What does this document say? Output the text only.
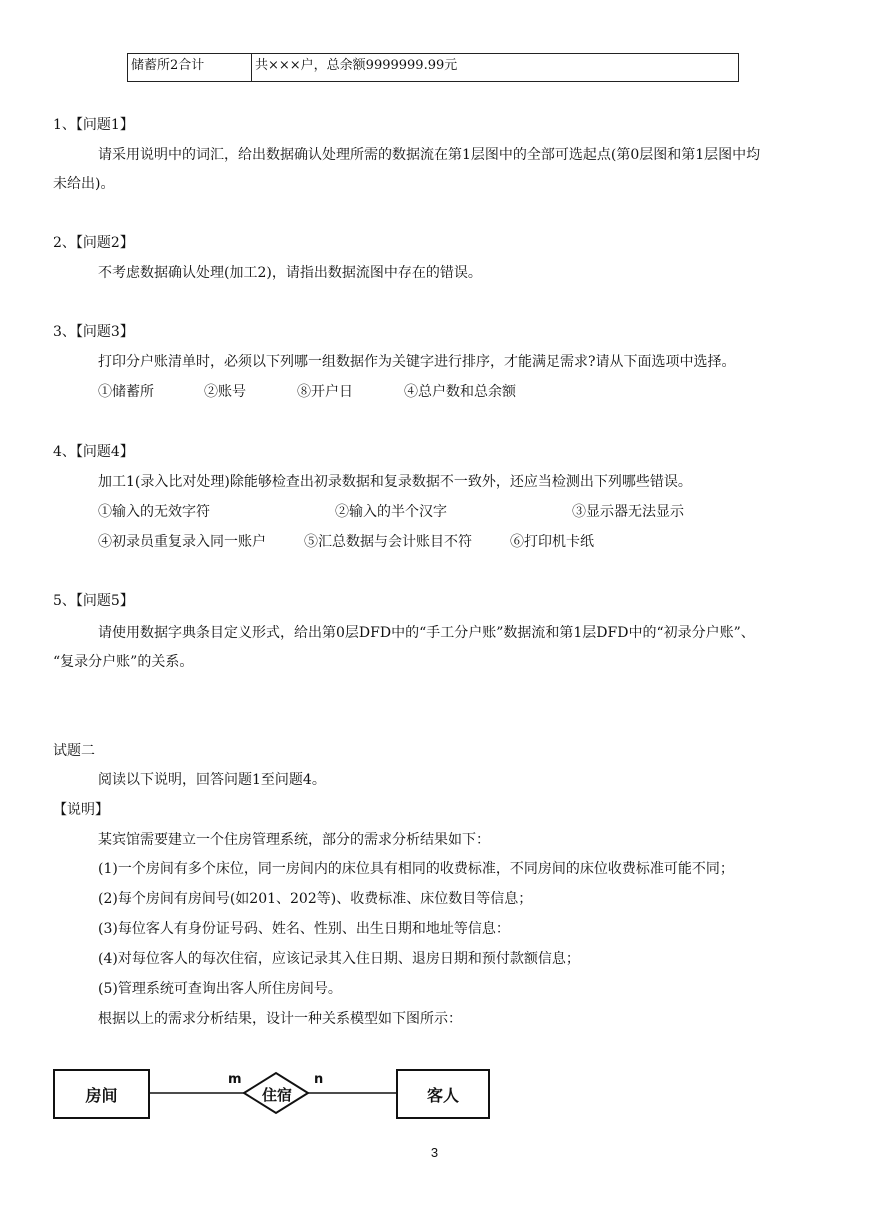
储蓄所2合计	共×××户，总余额9999999.99元
1、【问题1】
请采用说明中的词汇，给出数据确认处理所需的数据流在第1层图中的全部可选起点(第0层图和第1层图中均
未给出)。
2、【问题2】
不考虑数据确认处理(加工2)，请指出数据流图中存在的错误。
3、【问题3】
打印分户账清单时，必须以下列哪一组数据作为关键字进行排序，才能满足需求?请从下面选项中选择。
①储蓄所	②账号	⑧开户日	④总户数和总余额
4、【问题4】
加工1(录入比对处理)除能够检查出初录数据和复录数据不一致外，还应当检测出下列哪些错误。
①输入的无效字符	②输入的半个汉字	③显示器无法显示
④初录员重复录入同一账户	⑤汇总数据与会计账目不符	⑥打印机卡纸
5、【问题5】
请使用数据字典条目定义形式，给出第0层DFD中的“手工分户账”数据流和第1层DFD中的“初录分户账”、
“复录分户账”的关系。
试题二
阅读以下说明，回答问题1至问题4。
【说明】
某宾馆需要建立一个住房管理系统，部分的需求分析结果如下：
(1)一个房间有多个床位，同一房间内的床位具有相同的收费标准，不同房间的床位收费标准可能不同；
(2)每个房间有房间号(如201、202等)、收费标准、床位数目等信息；
(3)每位客人有身份证号码、姓名、性别、出生日期和地址等信息：
(4)对每位客人的每次住宿，应该记录其入住日期、退房日期和预付款额信息；
(5)管理系统可查询出客人所住房间号。
根据以上的需求分析结果，设计一种关系模型如下图所示：
房间	客人
住宿
m	n
3
